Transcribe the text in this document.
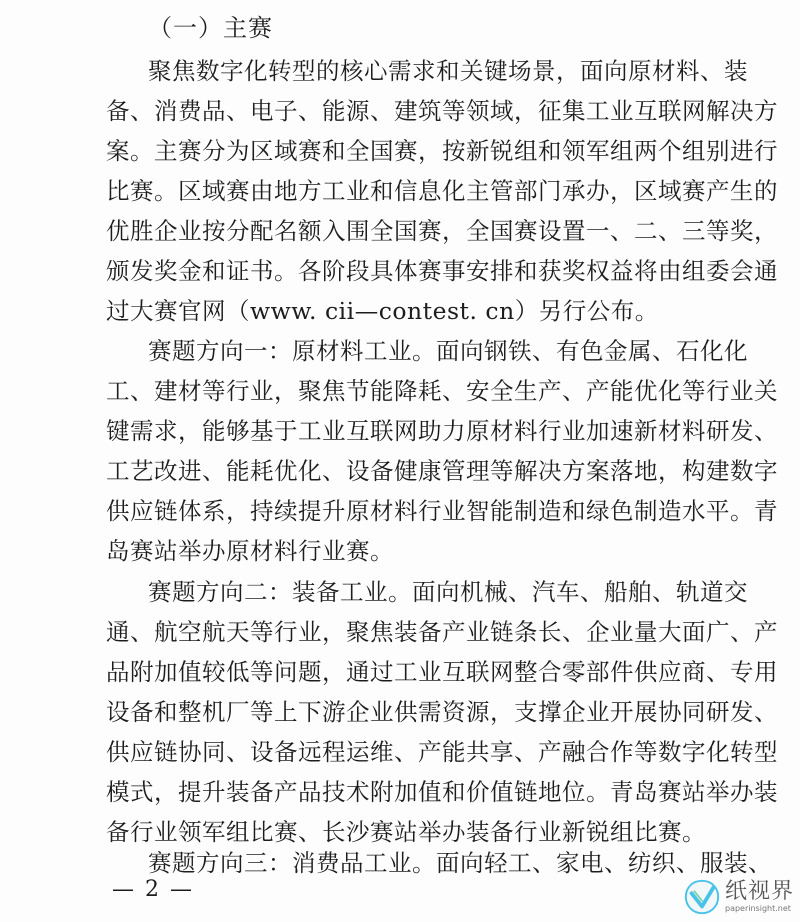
（一）主赛
聚焦数字化转型的核心需求和关键场景，面向原材料、装
备、消费品、电子、能源、建筑等领域，征集工业互联网解决方
案。主赛分为区域赛和全国赛，按新锐组和领军组两个组别进行
比赛。区域赛由地方工业和信息化主管部门承办，区域赛产生的
优胜企业按分配名额入围全国赛，全国赛设置一、二、三等奖，
颁发奖金和证书。各阶段具体赛事安排和获奖权益将由组委会通
过大赛官网（www. cii—contest. cn）另行公布。
赛题方向一：原材料工业。面向钢铁、有色金属、石化化
工、建材等行业，聚焦节能降耗、安全生产、产能优化等行业关
键需求，能够基于工业互联网助力原材料行业加速新材料研发、
工艺改进、能耗优化、设备健康管理等解决方案落地，构建数字
供应链体系，持续提升原材料行业智能制造和绿色制造水平。青
岛赛站举办原材料行业赛。
赛题方向二：装备工业。面向机械、汽车、船舶、轨道交
通、航空航天等行业，聚焦装备产业链条长、企业量大面广、产
品附加值较低等问题，通过工业互联网整合零部件供应商、专用
设备和整机厂等上下游企业供需资源，支撑企业开展协同研发、
供应链协同、设备远程运维、产能共享、产融合作等数字化转型
模式，提升装备产品技术附加值和价值链地位。青岛赛站举办装
备行业领军组比赛、长沙赛站举办装备行业新锐组比赛。
赛题方向三：消费品工业。面向轻工、家电、纺织、服装、
— 2 —	纸视界
paperinsight.net
